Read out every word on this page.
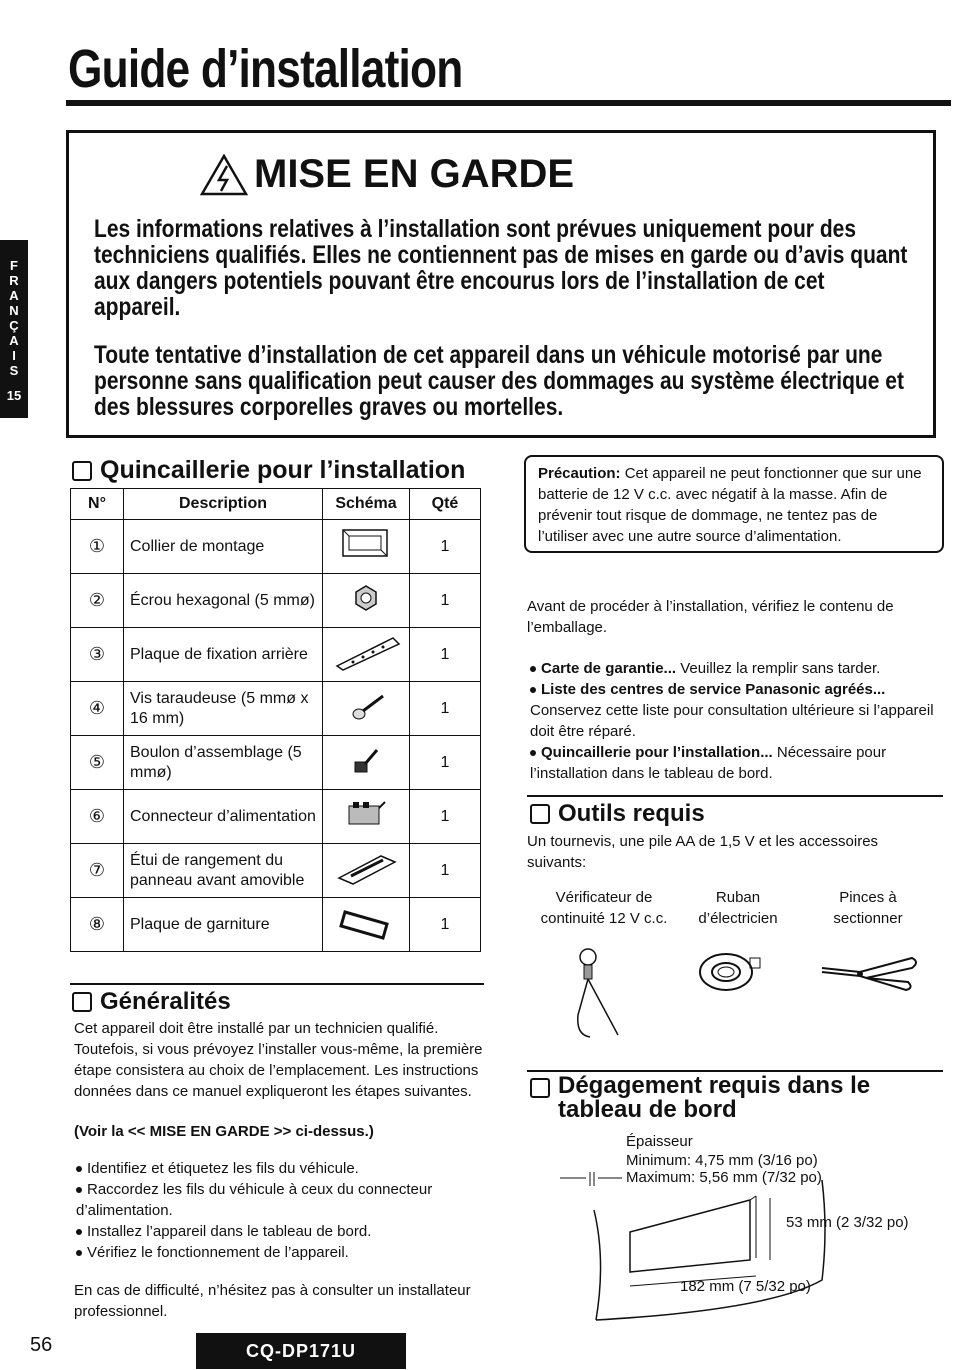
Guide d’installation
F
R
A
N
Ç
A
I
S
15
MISE EN GARDE
Les informations relatives à l’installation sont prévues uniquement pour des techniciens qualifiés. Elles ne contiennent pas de mises en garde ou d’avis quant aux dangers potentiels pouvant être encourus lors de l’installation de cet appareil.
Toute tentative d’installation de cet appareil dans un véhicule motorisé par une personne sans qualification peut causer des dommages au système électrique et des blessures corporelles graves ou mortelles.
Quincaillerie pour l’installation
N°	Description	Schéma	Qté
①	Collier de montage		1
②	Écrou hexagonal (5 mmø)		1
③	Plaque de fixation arrière		1
④	Vis taraudeuse (5 mmø x 16 mm)		1
⑤	Boulon d’assemblage (5 mmø)		1
⑥	Connecteur d’alimentation		1
⑦	Étui de rangement du panneau avant amovible		1
⑧	Plaque de garniture		1
Généralités
Cet appareil doit être installé par un technicien qualifié. Toutefois, si vous prévoyez l’installer vous-même, la première étape consistera au choix de l’emplacement. Les instructions données dans ce manuel expliqueront les étapes suivantes.
(Voir la << MISE EN GARDE >> ci-dessus.)
Identifiez et étiquetez les fils du véhicule.
Raccordez les fils du véhicule à ceux du connecteur d’alimentation.
Installez l’appareil dans le tableau de bord.
Vérifiez le fonctionnement de l’appareil.
En cas de difficulté, n’hésitez pas à consulter un installateur professionnel.
Précaution: Cet appareil ne peut fonctionner que sur une batterie de 12 V c.c. avec négatif à la masse. Afin de prévenir tout risque de dommage, ne tentez pas de l’utiliser avec une autre source d’alimentation.
Avant de procéder à l’installation, vérifiez le contenu de l’emballage.
Carte de garantie... Veuillez la remplir sans tarder.
Liste des centres de service Panasonic agréés... Conservez cette liste pour consultation ultérieure si l’appareil doit être réparé.
Quincaillerie pour l’installation... Nécessaire pour l’installation dans le tableau de bord.
Outils requis
Un tournevis, une pile AA de 1,5 V et les accessoires suivants:
Vérificateur de continuité 12 V c.c.
Ruban d’électricien
Pinces à sectionner
Dégagement requis dans le tableau de bord
Épaisseur
Minimum: 4,75 mm (3/16 po)
Maximum: 5,56 mm (7/32 po)
53 mm (2 3/32 po)
182 mm (7 5/32 po)
56	CQ-DP171U
